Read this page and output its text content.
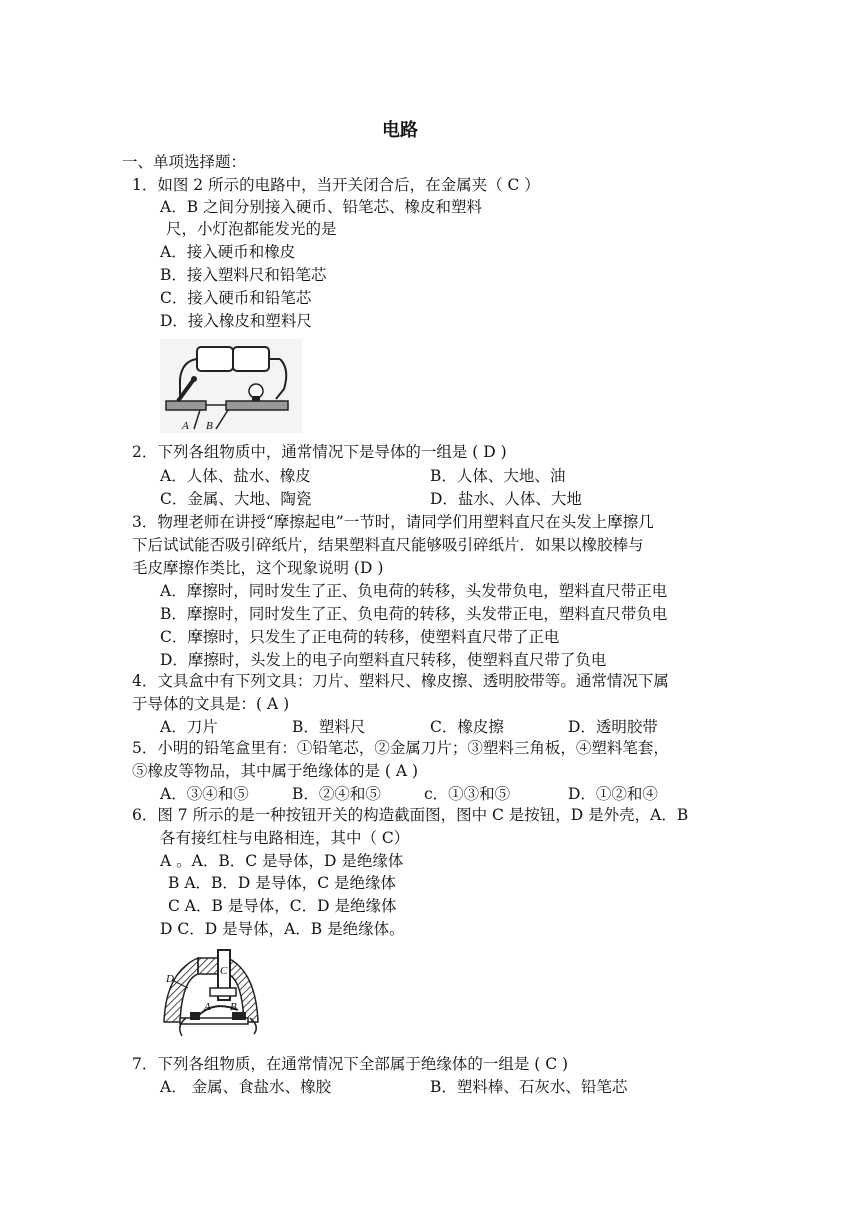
电路
一、单项选择题：
1．如图 2 所示的电路中，当开关闭合后，在金属夹（ C ）
A．B 之间分别接入硬币、铅笔芯、橡皮和塑料
尺，小灯泡都能发光的是
A．接入硬币和橡皮
B．接入塑料尺和铅笔芯
C．接入硬币和铅笔芯
D．接入橡皮和塑料尺
A B
2．下列各组物质中，通常情况下是导体的一组是 ( D )
A．人体、盐水、橡皮	B．人体、大地、油
C．金属、大地、陶瓷	D．盐水、人体、大地
3．物理老师在讲授“摩擦起电”一节时，请同学们用塑料直尺在头发上摩擦几
下后试试能否吸引碎纸片，结果塑料直尺能够吸引碎纸片．如果以橡胶棒与
毛皮摩擦作类比，这个现象说明 (D )
A．摩擦时，同时发生了正、负电荷的转移，头发带负电，塑料直尺带正电
B．摩擦时，同时发生了正、负电荷的转移，头发带正电，塑料直尺带负电
C．摩擦时，只发生了正电荷的转移，使塑料直尺带了正电
D．摩擦时，头发上的电子向塑料直尺转移，使塑料直尺带了负电
4．文具盒中有下列文具：刀片、塑料尺、橡皮擦、透明胶带等。通常情况下属
于导体的文具是：( A )
A．刀片	B．塑料尺	C．橡皮擦	D．透明胶带
5．小明的铅笔盒里有：①铅笔芯，②金属刀片；③塑料三角板，④塑料笔套，
⑤橡皮等物品，其中属于绝缘体的是 ( A )
A．③④和⑤	B．②④和⑤	c．①③和⑤	D．①②和④
6．图 7 所示的是一种按钮开关的构造截面图，图中 C 是按钮，D 是外壳，A．B
各有接红柱与电路相连，其中（ C）
A 。A．B．C 是导体，D 是绝缘体
B A．B．D 是导体，C 是绝缘体
C A．B 是导体，C．D 是绝缘体
D C．D 是导体，A．B 是绝缘体。
C
D
A B
7．下列各组物质，在通常情况下全部属于绝缘体的一组是 ( C )
A． 金属、食盐水、橡胶	B．塑料棒、石灰水、铅笔芯
